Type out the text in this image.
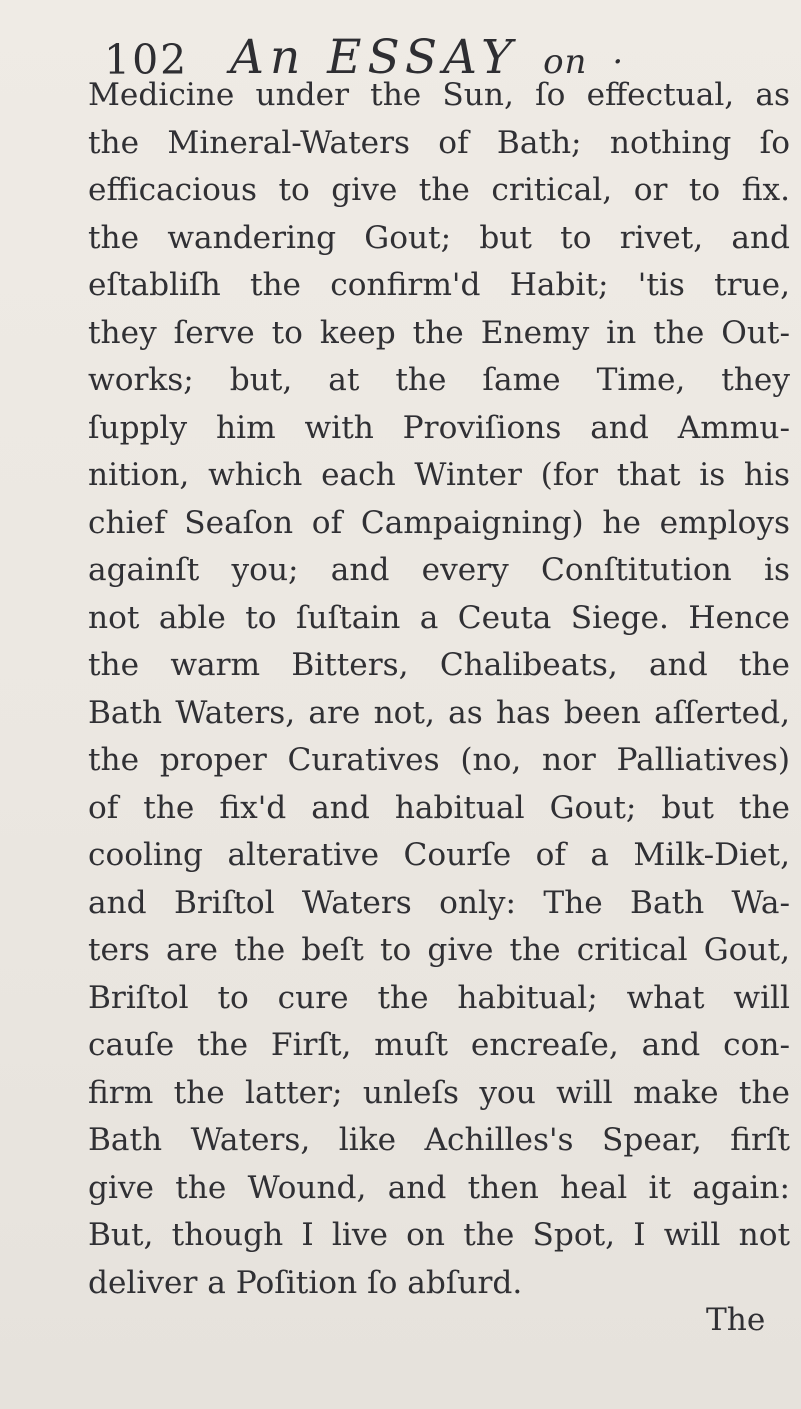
102 An ESSAY on ·
Medicine under the Sun, ſo effectual, as
the Mineral-Waters of Bath; nothing ſo
efficacious to give the critical, or to fix.
the wandering Gout; but to rivet, and
eſtabliſh the confirm'd Habit; 'tis true,
they ſerve to keep the Enemy in the Out-
works; but, at the ſame Time, they
ſupply him with Proviſions and Ammu-
nition, which each Winter (for that is his
chief Seaſon of Campaigning) he employs
againſt you; and every Conſtitution is
not able to ſuſtain a Ceuta Siege. Hence
the warm Bitters, Chalibeats, and the
Bath Waters, are not, as has been aſſerted,
the proper Curatives (no, nor Palliatives)
of the fix'd and habitual Gout; but the
cooling alterative Courſe of a Milk-Diet,
and Briſtol Waters only: The Bath Wa-
ters are the beſt to give the critical Gout,
Briſtol to cure the habitual; what will
cauſe the Firſt, muſt encreaſe, and con-
firm the latter; unleſs you will make the
Bath Waters, like Achilles's Spear, firſt
give the Wound, and then heal it again:
But, though I live on the Spot, I will not
deliver a Poſition ſo abſurd.
The
